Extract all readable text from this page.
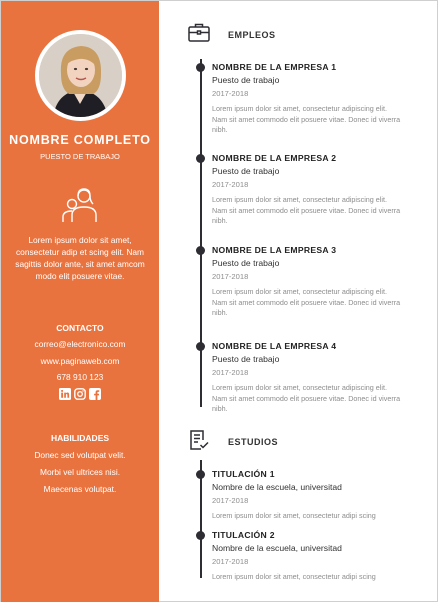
NOMBRE COMPLETO
PUESTO DE TRABAJO
Lorem ipsum dolor sit amet, consectetur adip et scing elit. Nam sagittis dolor ante, sit amet amcom modo elit posuere vitae.
CONTACTO
correo@electronico.com
www.paginaweb.com
678 910 123
HABILIDADES
Donec sed volutpat velit.
Morbi vel ultrices nisi.
Maecenas volutpat.
EMPLEOS
NOMBRE DE LA EMPRESA 1
Puesto de trabajo
2017-2018
Lorem ipsum dolor sit amet, consectetur adipiscing elit. Nam sit amet commodo elit posuere vitae. Donec id viverra nibh.
NOMBRE DE LA EMPRESA 2
Puesto de trabajo
2017-2018
Lorem ipsum dolor sit amet, consectetur adipiscing elit. Nam sit amet commodo elit posuere vitae. Donec id viverra nibh.
NOMBRE DE LA EMPRESA 3
Puesto de trabajo
2017-2018
Lorem ipsum dolor sit amet, consectetur adipiscing elit. Nam sit amet commodo elit posuere vitae. Donec id viverra nibh.
NOMBRE DE LA EMPRESA 4
Puesto de trabajo
2017-2018
Lorem ipsum dolor sit amet, consectetur adipiscing elit. Nam sit amet commodo elit posuere vitae. Donec id viverra nibh.
ESTUDIOS
TITULACIÓN 1
Nombre de la escuela, universitad
2017-2018
Lorem ipsum dolor sit amet, consectetur adipi scing
TITULACIÓN 2
Nombre de la escuela, universitad
2017-2018
Lorem ipsum dolor sit amet, consectetur adipi scing
